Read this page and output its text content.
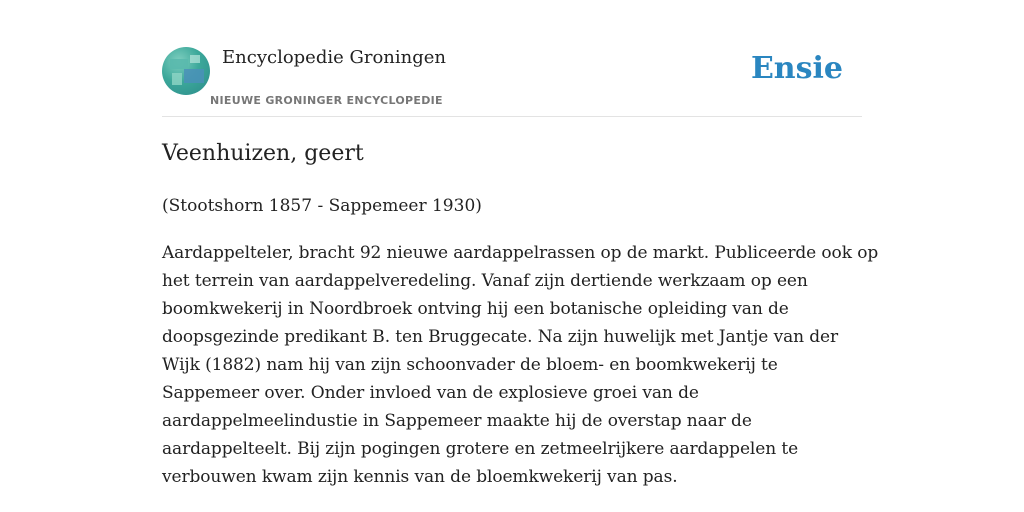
Encyclopedie Groningen
NIEUWE GRONINGER ENCYCLOPEDIE
Ensie
Veenhuizen, geert
(Stootshorn 1857 - Sappemeer 1930)
Aardappelteler, bracht 92 nieuwe aardappelrassen op de markt. Publiceerde ook op
het terrein van aardappelveredeling. Vanaf zijn dertiende werkzaam op een
boomkwekerij in Noordbroek ontving hij een botanische opleiding van de
doopsgezinde predikant B. ten Bruggecate. Na zijn huwelijk met Jantje van der
Wijk (1882) nam hij van zijn schoonvader de bloem- en boomkwekerij te
Sappemeer over. Onder invloed van de explosieve groei van de
aardappelmeelindustie in Sappemeer maakte hij de overstap naar de
aardappelteelt. Bij zijn pogingen grotere en zetmeelrijkere aardappelen te
verbouwen kwam zijn kennis van de bloemkwekerij van pas.
